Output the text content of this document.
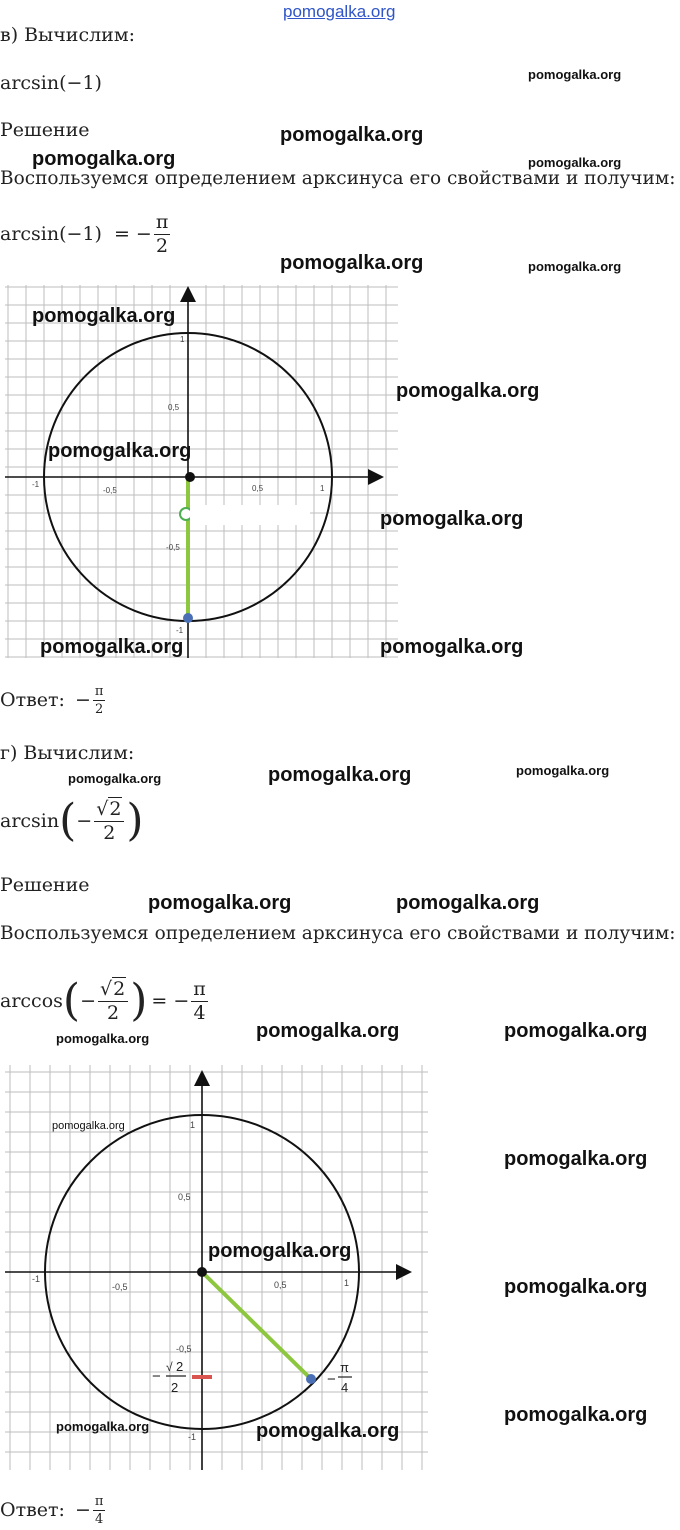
pomogalka.org
в) Вычислим:
arcsin(−1)
Решение
Воспользуемся определением арксинуса его свойствами и получим:
arcsin(−1) = − $\frac{\pi}{2}$
0,5	1
-0,5
-1
0,5
1
-0,5
-1
Ответ: − $\frac{\pi}{2}$
г) Вычислим:
arcsin ( − $\frac{√2}{2}$ )
Решение
Воспользуемся определением арксинуса его свойствами и получим:
arccos ( − $\frac{√2}{2}$ ) = − $\frac{\pi}{4}$
0,5	1
-0,5
-1
0,5
1
-0,5
-1
−
√ 2
2	−
π
4
Ответ: − $\frac{\pi}{4}$
pomogalka.org
pomogalka.org
pomogalka.org	pomogalka.org
pomogalka.org	pomogalka.org
pomogalka.org
pomogalka.org
pomogalka.org
pomogalka.org
pomogalka.org	pomogalka.org
pomogalka.org	pomogalka.org	pomogalka.org
pomogalka.org	pomogalka.org
pomogalka.org	pomogalka.org
pomogalka.org
pomogalka.org
pomogalka.org
pomogalka.org
pomogalka.org
pomogalka.org
pomogalka.org	pomogalka.org
